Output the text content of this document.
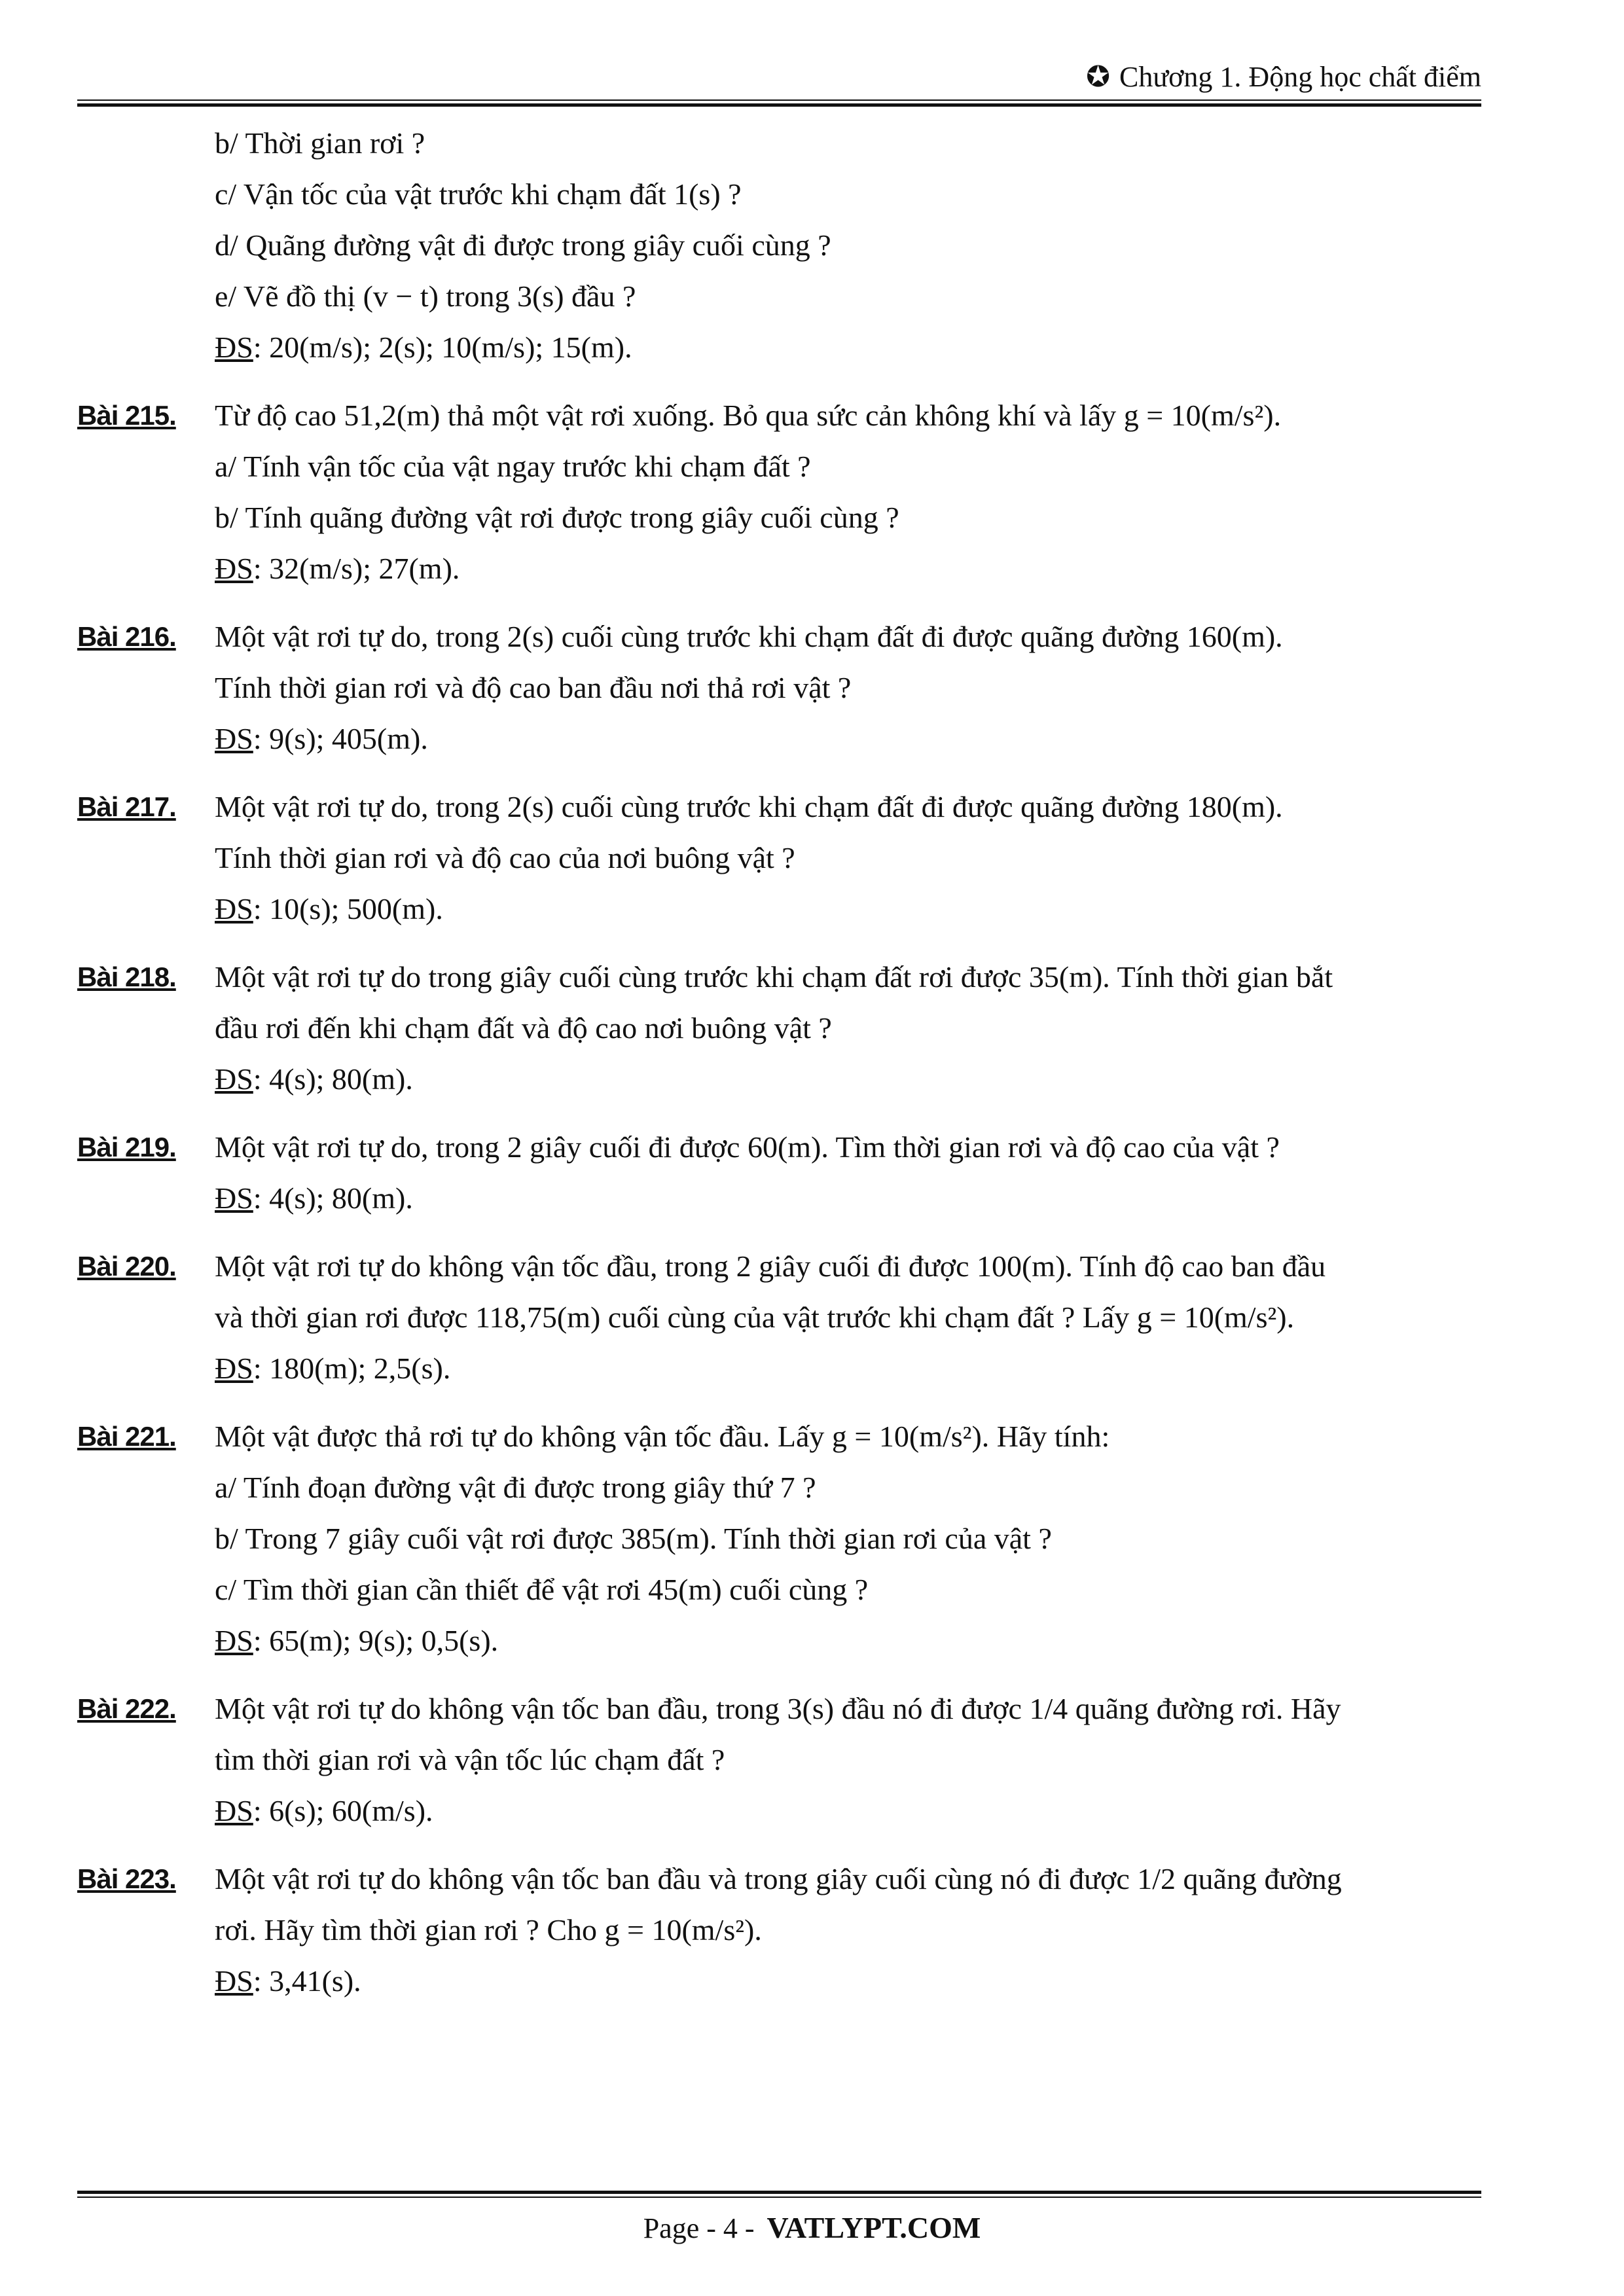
✪ Chương 1. Động học chất điểm
b/ Thời gian rơi ?
c/ Vận tốc của vật trước khi chạm đất 1(s) ?
d/ Quãng đường vật đi được trong giây cuối cùng ?
e/ Vẽ đồ thị (v − t) trong 3(s) đầu ?
ĐS: 20(m/s); 2(s); 10(m/s); 15(m).
Bài 215. Từ độ cao 51,2(m) thả một vật rơi xuống. Bỏ qua sức cản không khí và lấy g = 10(m/s²).
a/ Tính vận tốc của vật ngay trước khi chạm đất ?
b/ Tính quãng đường vật rơi được trong giây cuối cùng ?
ĐS: 32(m/s); 27(m).
Bài 216. Một vật rơi tự do, trong 2(s) cuối cùng trước khi chạm đất đi được quãng đường 160(m).
Tính thời gian rơi và độ cao ban đầu nơi thả rơi vật ?
ĐS: 9(s); 405(m).
Bài 217. Một vật rơi tự do, trong 2(s) cuối cùng trước khi chạm đất đi được quãng đường 180(m).
Tính thời gian rơi và độ cao của nơi buông vật ?
ĐS: 10(s); 500(m).
Bài 218. Một vật rơi tự do trong giây cuối cùng trước khi chạm đất rơi được 35(m). Tính thời gian bắt
đầu rơi đến khi chạm đất và độ cao nơi buông vật ?
ĐS: 4(s); 80(m).
Bài 219. Một vật rơi tự do, trong 2 giây cuối đi được 60(m). Tìm thời gian rơi và độ cao của vật ?
ĐS: 4(s); 80(m).
Bài 220. Một vật rơi tự do không vận tốc đầu, trong 2 giây cuối đi được 100(m). Tính độ cao ban đầu
và thời gian rơi được 118,75(m) cuối cùng của vật trước khi chạm đất ? Lấy g = 10(m/s²).
ĐS: 180(m); 2,5(s).
Bài 221. Một vật được thả rơi tự do không vận tốc đầu. Lấy g = 10(m/s²). Hãy tính:
a/ Tính đoạn đường vật đi được trong giây thứ 7 ?
b/ Trong 7 giây cuối vật rơi được 385(m). Tính thời gian rơi của vật ?
c/ Tìm thời gian cần thiết để vật rơi 45(m) cuối cùng ?
ĐS: 65(m); 9(s); 0,5(s).
Bài 222. Một vật rơi tự do không vận tốc ban đầu, trong 3(s) đầu nó đi được 1/4 quãng đường rơi. Hãy
tìm thời gian rơi và vận tốc lúc chạm đất ?
ĐS: 6(s); 60(m/s).
Bài 223. Một vật rơi tự do không vận tốc ban đầu và trong giây cuối cùng nó đi được 1/2 quãng đường
rơi. Hãy tìm thời gian rơi ? Cho g = 10(m/s²).
ĐS: 3,41(s).
Page - 4 - VATLYPT.COM
